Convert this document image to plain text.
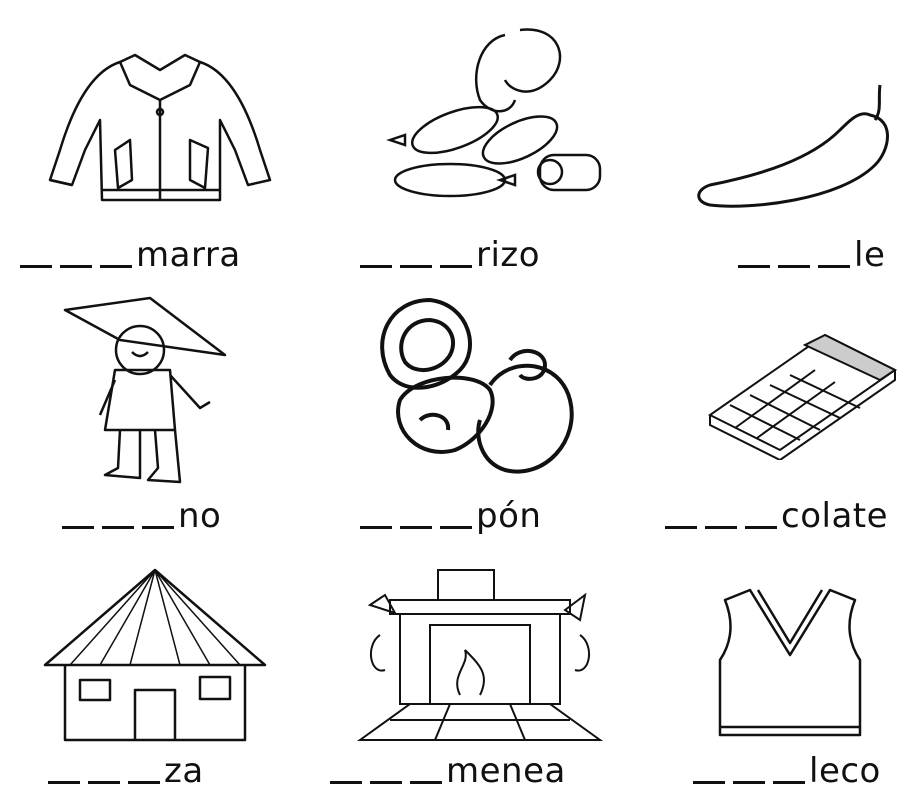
marra	rizo	le
no	pón	colate
za	menea	leco
